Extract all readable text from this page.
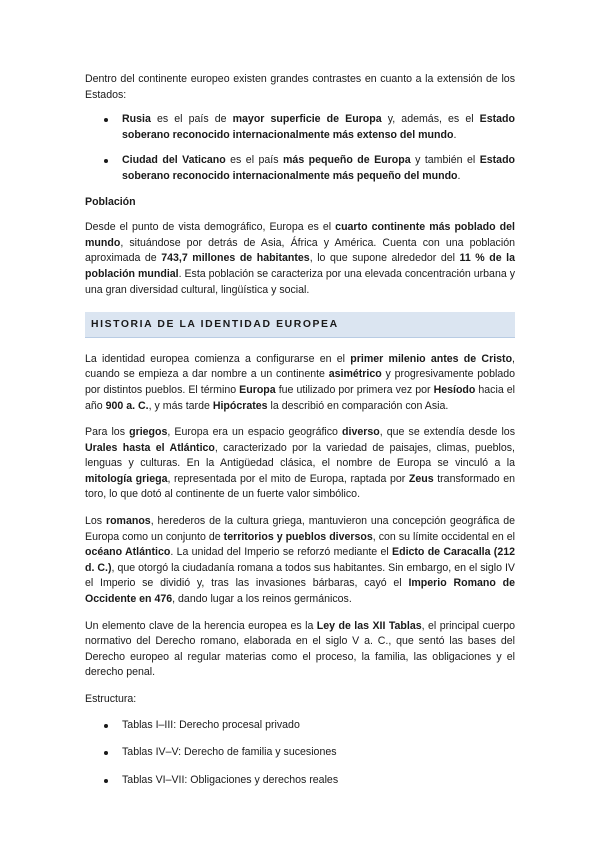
Dentro del continente europeo existen grandes contrastes en cuanto a la extensión de los Estados:

Rusia es el país de mayor superficie de Europa y, además, es el Estado soberano reconocido internacionalmente más extenso del mundo.
Ciudad del Vaticano es el país más pequeño de Europa y también el Estado soberano reconocido internacionalmente más pequeño del mundo.
Población

Desde el punto de vista demográfico, Europa es el cuarto continente más poblado del mundo, situándose por detrás de Asia, África y América. Cuenta con una población aproximada de 743,7 millones de habitantes, lo que supone alrededor del 11 % de la población mundial. Esta población se caracteriza por una elevada concentración urbana y una gran diversidad cultural, lingüística y social.

HISTORIA DE LA IDENTIDAD EUROPEA

La identidad europea comienza a configurarse en el primer milenio antes de Cristo, cuando se empieza a dar nombre a un continente asimétrico y progresivamente poblado por distintos pueblos. El término Europa fue utilizado por primera vez por Hesíodo hacia el año 900 a. C., y más tarde Hipócrates la describió en comparación con Asia.

Para los griegos, Europa era un espacio geográfico diverso, que se extendía desde los Urales hasta el Atlántico, caracterizado por la variedad de paisajes, climas, pueblos, lenguas y culturas. En la Antigüedad clásica, el nombre de Europa se vinculó a la mitología griega, representada por el mito de Europa, raptada por Zeus transformado en toro, lo que dotó al continente de un fuerte valor simbólico.

Los romanos, herederos de la cultura griega, mantuvieron una concepción geográfica de Europa como un conjunto de territorios y pueblos diversos, con su límite occidental en el océano Atlántico. La unidad del Imperio se reforzó mediante el Edicto de Caracalla (212 d. C.), que otorgó la ciudadanía romana a todos sus habitantes. Sin embargo, en el siglo IV el Imperio se dividió y, tras las invasiones bárbaras, cayó el Imperio Romano de Occidente en 476, dando lugar a los reinos germánicos.

Un elemento clave de la herencia europea es la Ley de las XII Tablas, el principal cuerpo normativo del Derecho romano, elaborada en el siglo V a. C., que sentó las bases del Derecho europeo al regular materias como el proceso, la familia, las obligaciones y el derecho penal.

Estructura:

Tablas I–III: Derecho procesal privado
Tablas IV–V: Derecho de familia y sucesiones
Tablas VI–VII: Obligaciones y derechos reales
